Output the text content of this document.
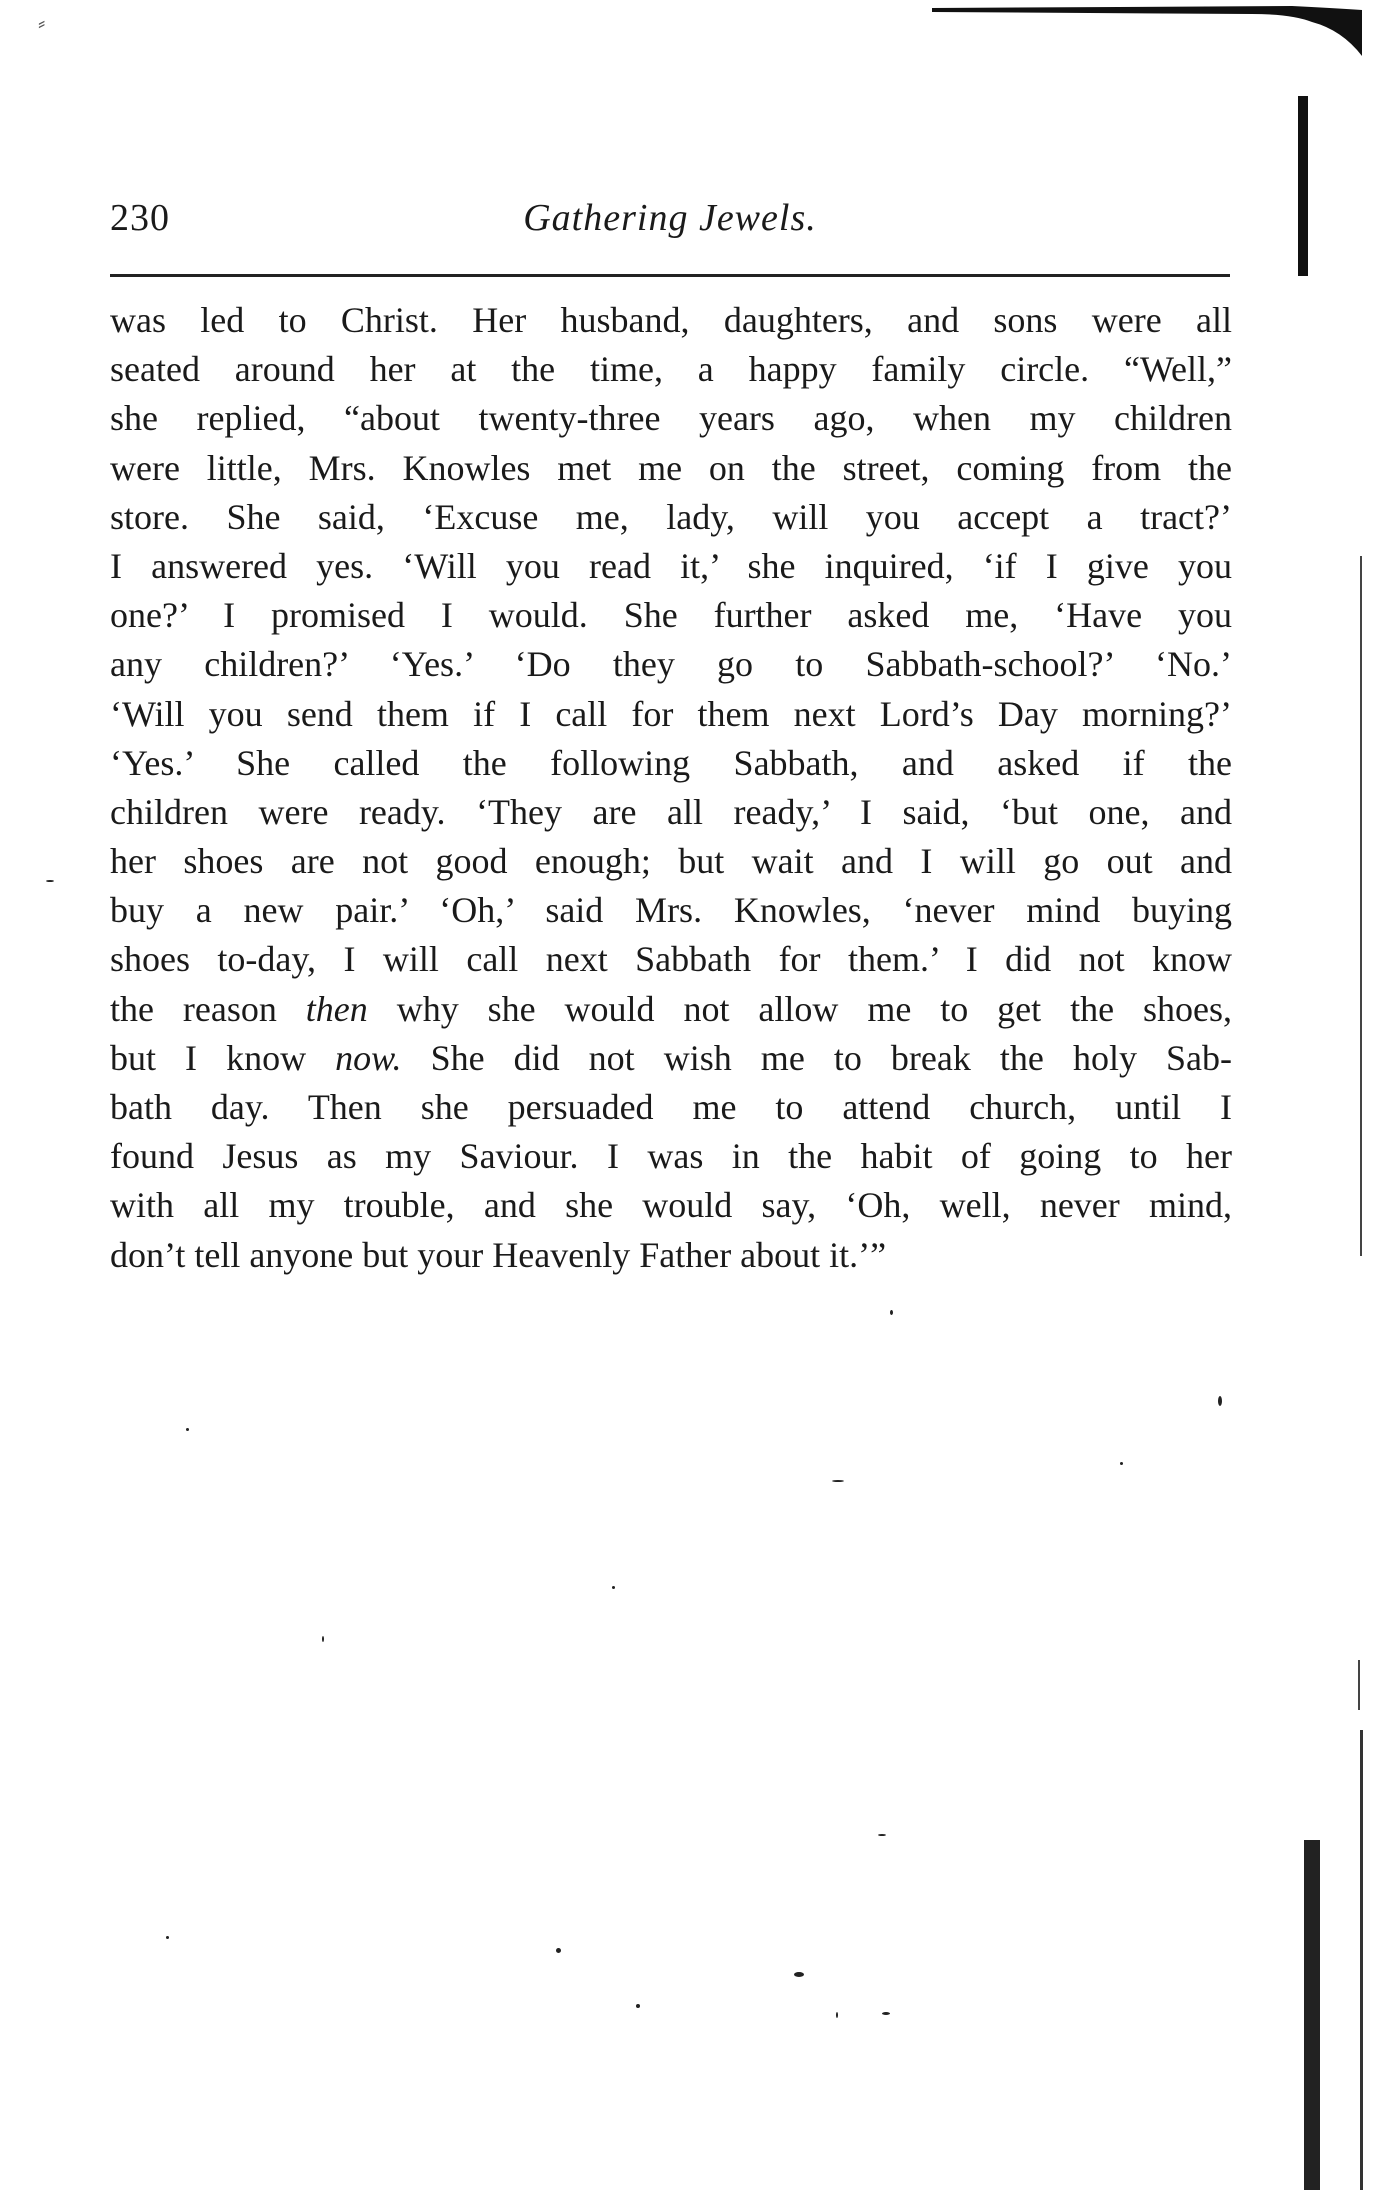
⸗
230	Gathering Jewels.
was led to Christ. Her husband, daughters, and sons were all
seated around her at the time, a happy family circle. “Well,”
she replied, “about twenty-three years ago, when my children
were little, Mrs. Knowles met me on the street, coming from the
store. She said, ‘Excuse me, lady, will you accept a tract?’
I answered yes. ‘Will you read it,’ she inquired, ‘if I give you
one?’ I promised I would. She further asked me, ‘Have you
any children?’ ‘Yes.’ ‘Do they go to Sabbath-school?’ ‘No.’
‘Will you send them if I call for them next Lord’s Day morning?’
‘Yes.’ She called the following Sabbath, and asked if the
children were ready. ‘They are all ready,’ I said, ‘but one, and
her shoes are not good enough; but wait and I will go out and
buy a new pair.’ ‘Oh,’ said Mrs. Knowles, ‘never mind buying
shoes to-day, I will call next Sabbath for them.’ I did not know
the reason then why she would not allow me to get the shoes,
but I know now. She did not wish me to break the holy Sab-
bath day. Then she persuaded me to attend church, until I
found Jesus as my Saviour. I was in the habit of going to her
with all my trouble, and she would say, ‘Oh, well, never mind,
don’t tell anyone but your Heavenly Father about it.’”
